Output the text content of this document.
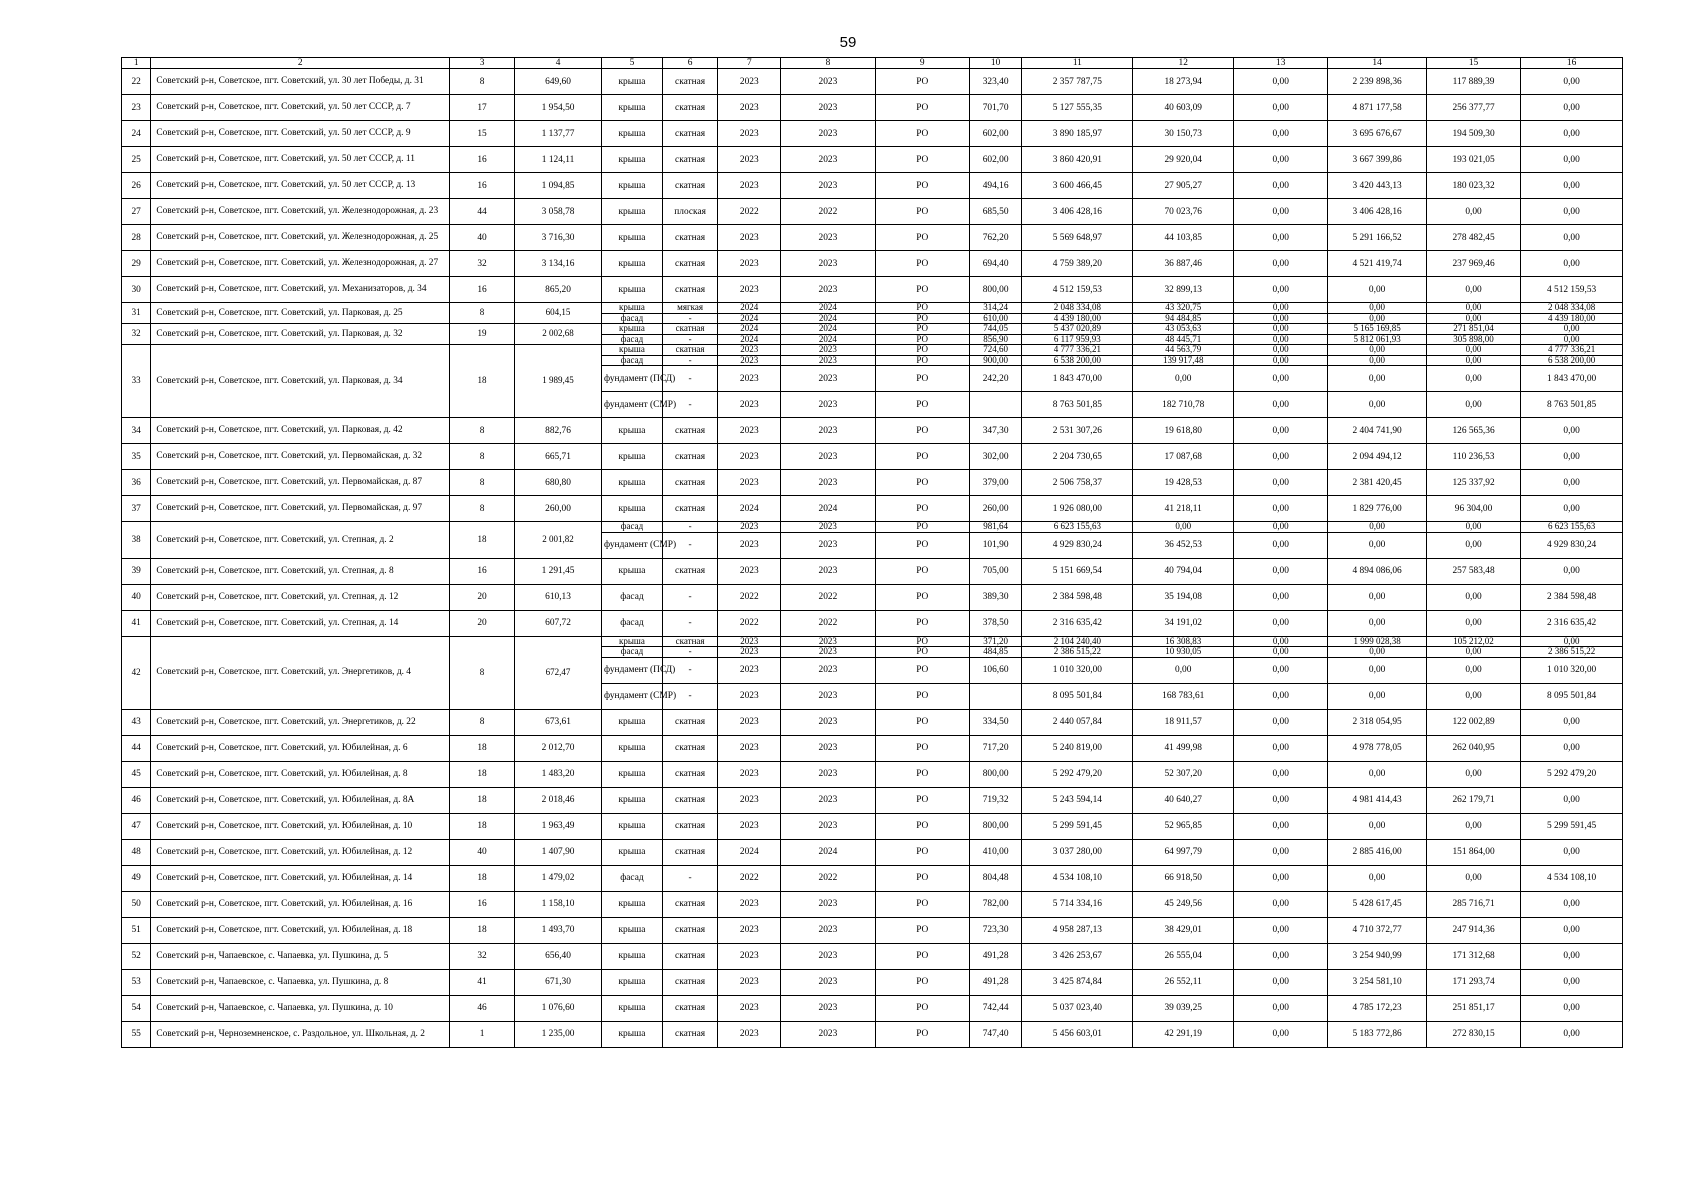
59
1	2	3	4	5	6	7	8	9	10	11	12	13	14	15	16
22	Советский р-н, Советское, пгт. Советский, ул. 30 лет Победы, д. 31	8	649,60	крыша	скатная	2023	2023	РО	323,40	2 357 787,75	18 273,94	0,00	2 239 898,36	117 889,39	0,00
23	Советский р-н, Советское, пгт. Советский, ул. 50 лет СССР, д. 7	17	1 954,50	крыша	скатная	2023	2023	РО	701,70	5 127 555,35	40 603,09	0,00	4 871 177,58	256 377,77	0,00
24	Советский р-н, Советское, пгт. Советский, ул. 50 лет СССР, д. 9	15	1 137,77	крыша	скатная	2023	2023	РО	602,00	3 890 185,97	30 150,73	0,00	3 695 676,67	194 509,30	0,00
25	Советский р-н, Советское, пгт. Советский, ул. 50 лет СССР, д. 11	16	1 124,11	крыша	скатная	2023	2023	РО	602,00	3 860 420,91	29 920,04	0,00	3 667 399,86	193 021,05	0,00
26	Советский р-н, Советское, пгт. Советский, ул. 50 лет СССР, д. 13	16	1 094,85	крыша	скатная	2023	2023	РО	494,16	3 600 466,45	27 905,27	0,00	3 420 443,13	180 023,32	0,00
27	Советский р-н, Советское, пгт. Советский, ул. Железнодорожная, д. 23	44	3 058,78	крыша	плоская	2022	2022	РО	685,50	3 406 428,16	70 023,76	0,00	3 406 428,16	0,00	0,00
28	Советский р-н, Советское, пгт. Советский, ул. Железнодорожная, д. 25	40	3 716,30	крыша	скатная	2023	2023	РО	762,20	5 569 648,97	44 103,85	0,00	5 291 166,52	278 482,45	0,00
29	Советский р-н, Советское, пгт. Советский, ул. Железнодорожная, д. 27	32	3 134,16	крыша	скатная	2023	2023	РО	694,40	4 759 389,20	36 887,46	0,00	4 521 419,74	237 969,46	0,00
30	Советский р-н, Советское, пгт. Советский, ул. Механизаторов, д. 34	16	865,20	крыша	скатная	2023	2023	РО	800,00	4 512 159,53	32 899,13	0,00	0,00	0,00	4 512 159,53
31	Советский р-н, Советское, пгт. Советский, ул. Парковая, д. 25	8	604,15	крыша	мягкая	2024	2024	РО	314,24	2 048 334,08	43 320,75	0,00	0,00	0,00	2 048 334,08
				фасад	-	2024	2024	РО	610,00	4 439 180,00	94 484,85	0,00	0,00	0,00	4 439 180,00
32	Советский р-н, Советское, пгт. Советский, ул. Парковая, д. 32	19	2 002,68	крыша	скатная	2024	2024	РО	744,05	5 437 020,89	43 053,63	0,00	5 165 169,85	271 851,04	0,00
				фасад	-	2024	2024	РО	856,90	6 117 959,93	48 445,71	0,00	5 812 061,93	305 898,00	0,00
33	Советский р-н, Советское, пгт. Советский, ул. Парковая, д. 34	18	1 989,45	крыша	скатная	2023	2023	РО	724,60	4 777 336,21	44 563,79	0,00	0,00	0,00	4 777 336,21
				фасад	-	2023	2023	РО	900,00	6 538 200,00	139 917,48	0,00	0,00	0,00	6 538 200,00
				фундамент (ПСД)	-	2023	2023	РО	242,20	1 843 470,00	0,00	0,00	0,00	0,00	1 843 470,00
				фундамент (СМР)	-	2023	2023	РО		8 763 501,85	182 710,78	0,00	0,00	0,00	8 763 501,85
34	Советский р-н, Советское, пгт. Советский, ул. Парковая, д. 42	8	882,76	крыша	скатная	2023	2023	РО	347,30	2 531 307,26	19 618,80	0,00	2 404 741,90	126 565,36	0,00
35	Советский р-н, Советское, пгт. Советский, ул. Первомайская, д. 32	8	665,71	крыша	скатная	2023	2023	РО	302,00	2 204 730,65	17 087,68	0,00	2 094 494,12	110 236,53	0,00
36	Советский р-н, Советское, пгт. Советский, ул. Первомайская, д. 87	8	680,80	крыша	скатная	2023	2023	РО	379,00	2 506 758,37	19 428,53	0,00	2 381 420,45	125 337,92	0,00
37	Советский р-н, Советское, пгт. Советский, ул. Первомайская, д. 97	8	260,00	крыша	скатная	2024	2024	РО	260,00	1 926 080,00	41 218,11	0,00	1 829 776,00	96 304,00	0,00
38	Советский р-н, Советское, пгт. Советский, ул. Степная, д. 2	18	2 001,82	фасад	-	2023	2023	РО	981,64	6 623 155,63	0,00	0,00	0,00	0,00	6 623 155,63
				фундамент (СМР)	-	2023	2023	РО	101,90	4 929 830,24	36 452,53	0,00	0,00	0,00	4 929 830,24
39	Советский р-н, Советское, пгт. Советский, ул. Степная, д. 8	16	1 291,45	крыша	скатная	2023	2023	РО	705,00	5 151 669,54	40 794,04	0,00	4 894 086,06	257 583,48	0,00
40	Советский р-н, Советское, пгт. Советский, ул. Степная, д. 12	20	610,13	фасад	-	2022	2022	РО	389,30	2 384 598,48	35 194,08	0,00	0,00	0,00	2 384 598,48
41	Советский р-н, Советское, пгт. Советский, ул. Степная, д. 14	20	607,72	фасад	-	2022	2022	РО	378,50	2 316 635,42	34 191,02	0,00	0,00	0,00	2 316 635,42
42	Советский р-н, Советское, пгт. Советский, ул. Энергетиков, д. 4	8	672,47	крыша	скатная	2023	2023	РО	371,20	2 104 240,40	16 308,83	0,00	1 999 028,38	105 212,02	0,00
				фасад	-	2023	2023	РО	484,85	2 386 515,22	10 930,05	0,00	0,00	0,00	2 386 515,22
				фундамент (ПСД)	-	2023	2023	РО	106,60	1 010 320,00	0,00	0,00	0,00	0,00	1 010 320,00
				фундамент (СМР)	-	2023	2023	РО		8 095 501,84	168 783,61	0,00	0,00	0,00	8 095 501,84
43	Советский р-н, Советское, пгт. Советский, ул. Энергетиков, д. 22	8	673,61	крыша	скатная	2023	2023	РО	334,50	2 440 057,84	18 911,57	0,00	2 318 054,95	122 002,89	0,00
44	Советский р-н, Советское, пгт. Советский, ул. Юбилейная, д. 6	18	2 012,70	крыша	скатная	2023	2023	РО	717,20	5 240 819,00	41 499,98	0,00	4 978 778,05	262 040,95	0,00
45	Советский р-н, Советское, пгт. Советский, ул. Юбилейная, д. 8	18	1 483,20	крыша	скатная	2023	2023	РО	800,00	5 292 479,20	52 307,20	0,00	0,00	0,00	5 292 479,20
46	Советский р-н, Советское, пгт. Советский, ул. Юбилейная, д. 8А	18	2 018,46	крыша	скатная	2023	2023	РО	719,32	5 243 594,14	40 640,27	0,00	4 981 414,43	262 179,71	0,00
47	Советский р-н, Советское, пгт. Советский, ул. Юбилейная, д. 10	18	1 963,49	крыша	скатная	2023	2023	РО	800,00	5 299 591,45	52 965,85	0,00	0,00	0,00	5 299 591,45
48	Советский р-н, Советское, пгт. Советский, ул. Юбилейная, д. 12	40	1 407,90	крыша	скатная	2024	2024	РО	410,00	3 037 280,00	64 997,79	0,00	2 885 416,00	151 864,00	0,00
49	Советский р-н, Советское, пгт. Советский, ул. Юбилейная, д. 14	18	1 479,02	фасад	-	2022	2022	РО	804,48	4 534 108,10	66 918,50	0,00	0,00	0,00	4 534 108,10
50	Советский р-н, Советское, пгт. Советский, ул. Юбилейная, д. 16	16	1 158,10	крыша	скатная	2023	2023	РО	782,00	5 714 334,16	45 249,56	0,00	5 428 617,45	285 716,71	0,00
51	Советский р-н, Советское, пгт. Советский, ул. Юбилейная, д. 18	18	1 493,70	крыша	скатная	2023	2023	РО	723,30	4 958 287,13	38 429,01	0,00	4 710 372,77	247 914,36	0,00
52	Советский р-н, Чапаевское, с. Чапаевка, ул. Пушкина, д. 5	32	656,40	крыша	скатная	2023	2023	РО	491,28	3 426 253,67	26 555,04	0,00	3 254 940,99	171 312,68	0,00
53	Советский р-н, Чапаевское, с. Чапаевка, ул. Пушкина, д. 8	41	671,30	крыша	скатная	2023	2023	РО	491,28	3 425 874,84	26 552,11	0,00	3 254 581,10	171 293,74	0,00
54	Советский р-н, Чапаевское, с. Чапаевка, ул. Пушкина, д. 10	46	1 076,60	крыша	скатная	2023	2023	РО	742,44	5 037 023,40	39 039,25	0,00	4 785 172,23	251 851,17	0,00
55	Советский р-н, Черноземненское, с. Раздольное, ул. Школьная, д. 2	1	1 235,00	крыша	скатная	2023	2023	РО	747,40	5 456 603,01	42 291,19	0,00	5 183 772,86	272 830,15	0,00
